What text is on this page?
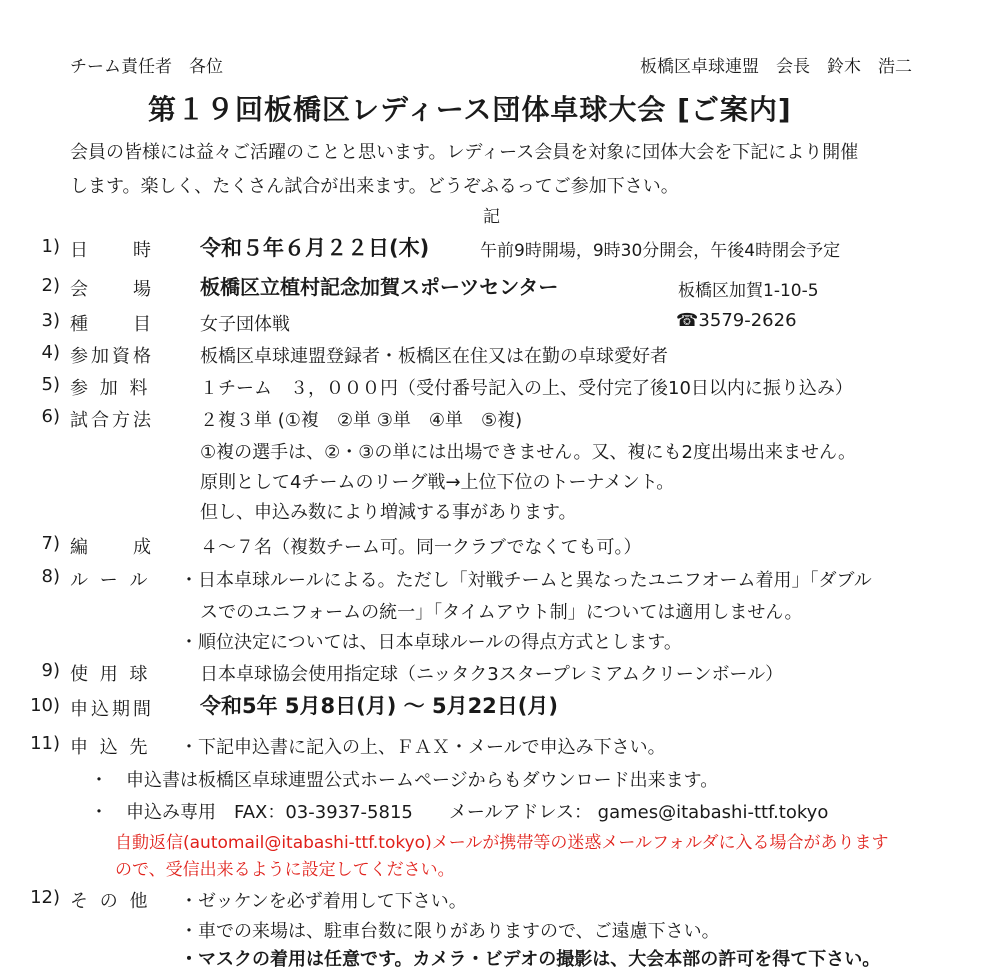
チーム責任者　各位	板橋区卓球連盟　会長　鈴木　浩二
第１９回板橋区レディース団体卓球大会 [ご案内]
会員の皆様には益々ご活躍のことと思います。レディース会員を対象に団体大会を下記により開催
します。楽しく、たくさん試合が出来ます。どうぞふるってご参加下さい。
記
1) 日　　時 令和５年６月２２日(木)	午前9時開場，9時30分開会，午後4時閉会予定
2) 会　　場 板橋区立植村記念加賀スポーツセンター	板橋区加賀1-10-5
3) 種　　目	女子団体戦	☎3579-2626
4) 参加資格	板橋区卓球連盟登録者・板橋区在住又は在勤の卓球愛好者
5) 参 加 料	１チーム　３，０００円（受付番号記入の上、受付完了後10日以内に振り込み）
6) 試合方法	２複３単 (①複　②単 ③単　④単　⑤複)
①複の選手は、②・③の単には出場できません。又、複にも2度出場出来ません。
原則として4チームのリーグ戦→上位下位のトーナメント。
但し、申込み数により増減する事があります。
7) 編　　成	４～７名（複数チーム可。同一クラブでなくても可。）
8) ル ー ル ・日本卓球ルールによる。ただし「対戦チームと異なったユニフオーム着用」「ダブル
スでのユニフォームの統一」「タイムアウト制」については適用しません。
・順位決定については、日本卓球ルールの得点方式とします。
9) 使 用 球	日本卓球協会使用指定球（ニッタク3スタープレミアムクリーンボール）
10) 申込期間 令和5年 5月8日(月) ～ 5月22日(月)
11) 申 込 先 ・下記申込書に記入の上、ＦＡＸ・メールで申込み下さい。
・　申込書は板橋区卓球連盟公式ホームページからもダウンロード出来ます。
・　申込み専用　FAX：03-3937-5815　　メールアドレス： games@itabashi-ttf.tokyo
自動返信(automail@itabashi-ttf.tokyo)メールが携帯等の迷惑メールフォルダに入る場合があります
ので、受信出来るように設定してください。
12) そ の 他 ・ゼッケンを必ず着用して下さい。
・車での来場は、駐車台数に限りがありますので、ご遠慮下さい。
・マスクの着用は任意です。カメラ・ビデオの撮影は、大会本部の許可を得て下さい。
